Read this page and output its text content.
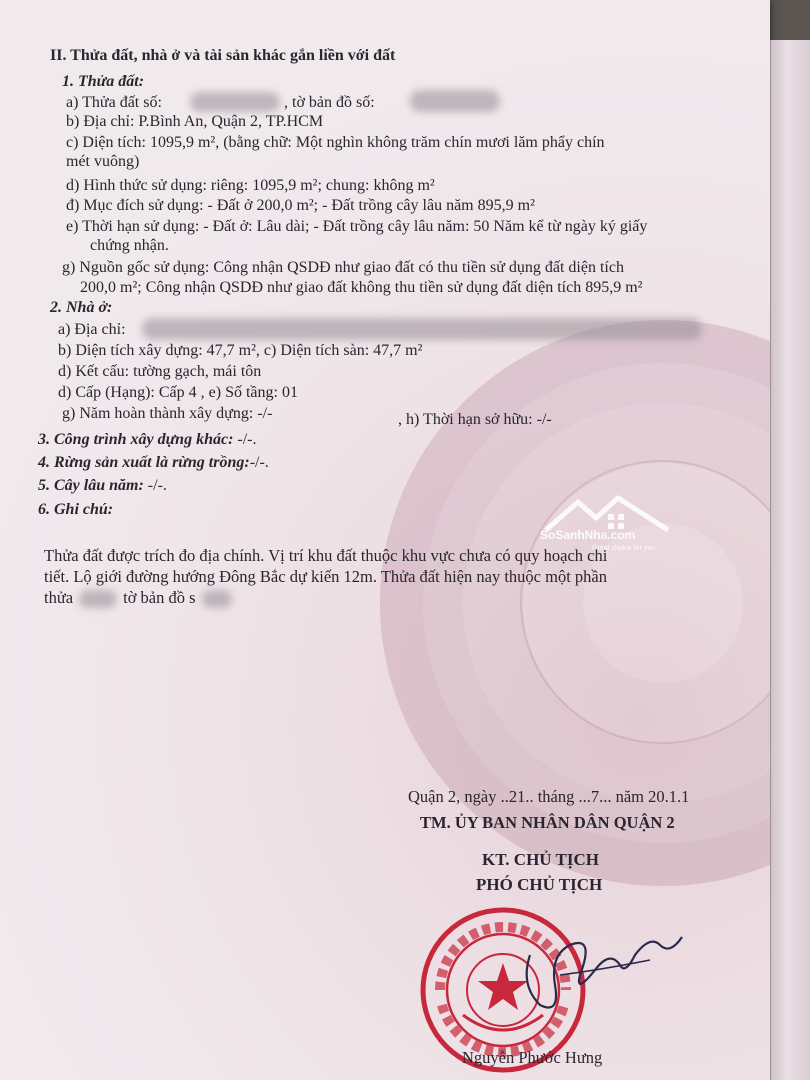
II. Thửa đất, nhà ở và tài sản khác gắn liền với đất
1. Thửa đất:
a) Thửa đất số:	, tờ bản đồ số:
b) Địa chỉ: P.Bình An, Quận 2, TP.HCM
c) Diện tích: 1095,9 m², (bằng chữ: Một nghìn không trăm chín mươi lăm phẩy chín
mét vuông)
d) Hình thức sử dụng: riêng: 1095,9 m²; chung: không m²
đ) Mục đích sử dụng: - Đất ở 200,0 m²; - Đất trồng cây lâu năm 895,9 m²
e) Thời hạn sử dụng: - Đất ở: Lâu dài; - Đất trồng cây lâu năm: 50 Năm kể từ ngày ký giấy
chứng nhận.
g) Nguồn gốc sử dụng: Công nhận QSDĐ như giao đất có thu tiền sử dụng đất diện tích
200,0 m²; Công nhận QSDĐ như giao đất không thu tiền sử dụng đất diện tích 895,9 m²
2. Nhà ở:
a) Địa chỉ:
b) Diện tích xây dựng: 47,7 m², c) Diện tích sàn: 47,7 m²
d) Kết cấu: tường gạch, mái tôn
d) Cấp (Hạng): Cấp 4 , e) Số tầng: 01
g) Năm hoàn thành xây dựng: -/-	, h) Thời hạn sở hữu: -/-
3. Công trình xây dựng khác: -/-.
4. Rừng sản xuất là rừng trồng:-/-.
5. Cây lâu năm: -/-.
6. Ghi chú:
Thửa đất được trích đo địa chính. Vị trí khu đất thuộc khu vực chưa có quy hoạch chi
tiết. Lộ giới đường hướng Đông Bắc dự kiến 12m. Thửa đất hiện nay thuộc một phần
thửa	tờ bản đồ s
SoSanhNha.com
Great choice for you
Quận 2, ngày ..21.. tháng ...7... năm 20.1.1
TM. ỦY BAN NHÂN DÂN QUẬN 2
KT. CHỦ TỊCH
PHÓ CHỦ TỊCH
Nguyễn Phước Hưng
